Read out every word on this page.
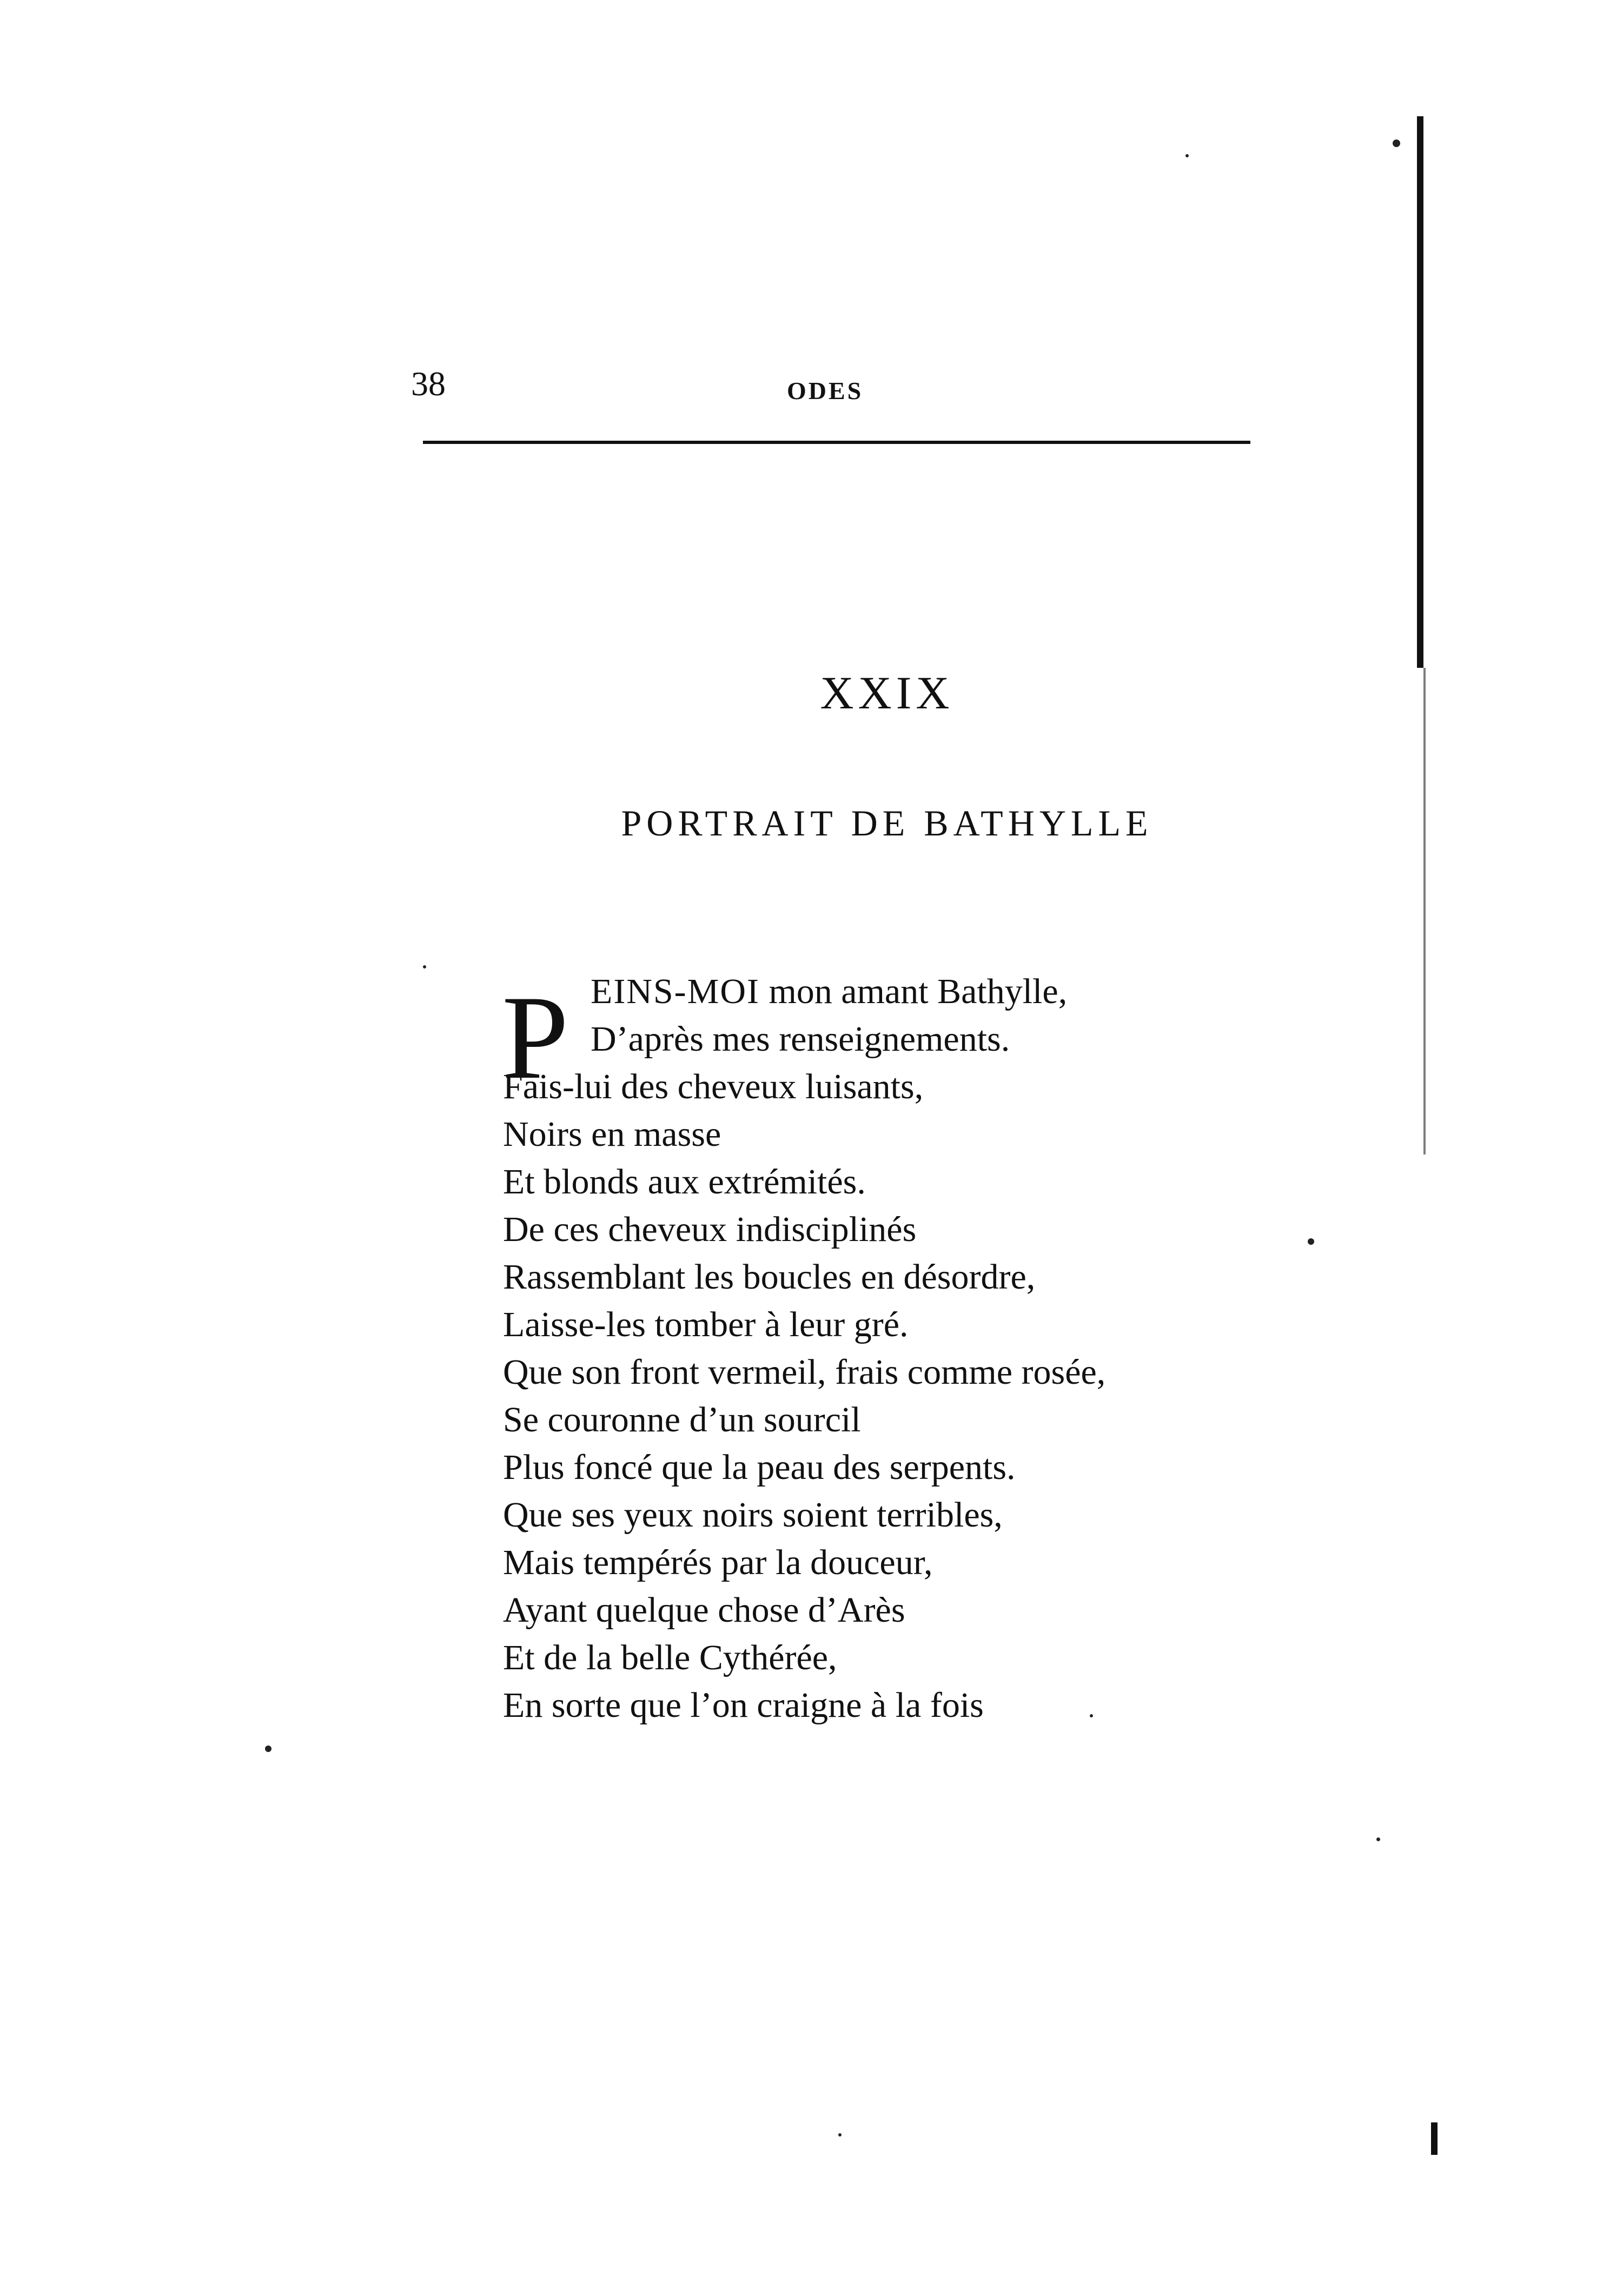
38	ODES
XXIX
PORTRAIT DE BATHYLLE
P EINS-MOI mon amant Bathylle,
D’après mes renseignements.
Fais-lui des cheveux luisants,
Noirs en masse
Et blonds aux extrémités.
De ces cheveux indisciplinés
Rassemblant les boucles en désordre,
Laisse-les tomber à leur gré.
Que son front vermeil, frais comme rosée,
Se couronne d’un sourcil
Plus foncé que la peau des serpents.
Que ses yeux noirs soient terribles,
Mais tempérés par la douceur,
Ayant quelque chose d’Arès
Et de la belle Cythérée,
En sorte que l’on craigne à la fois
